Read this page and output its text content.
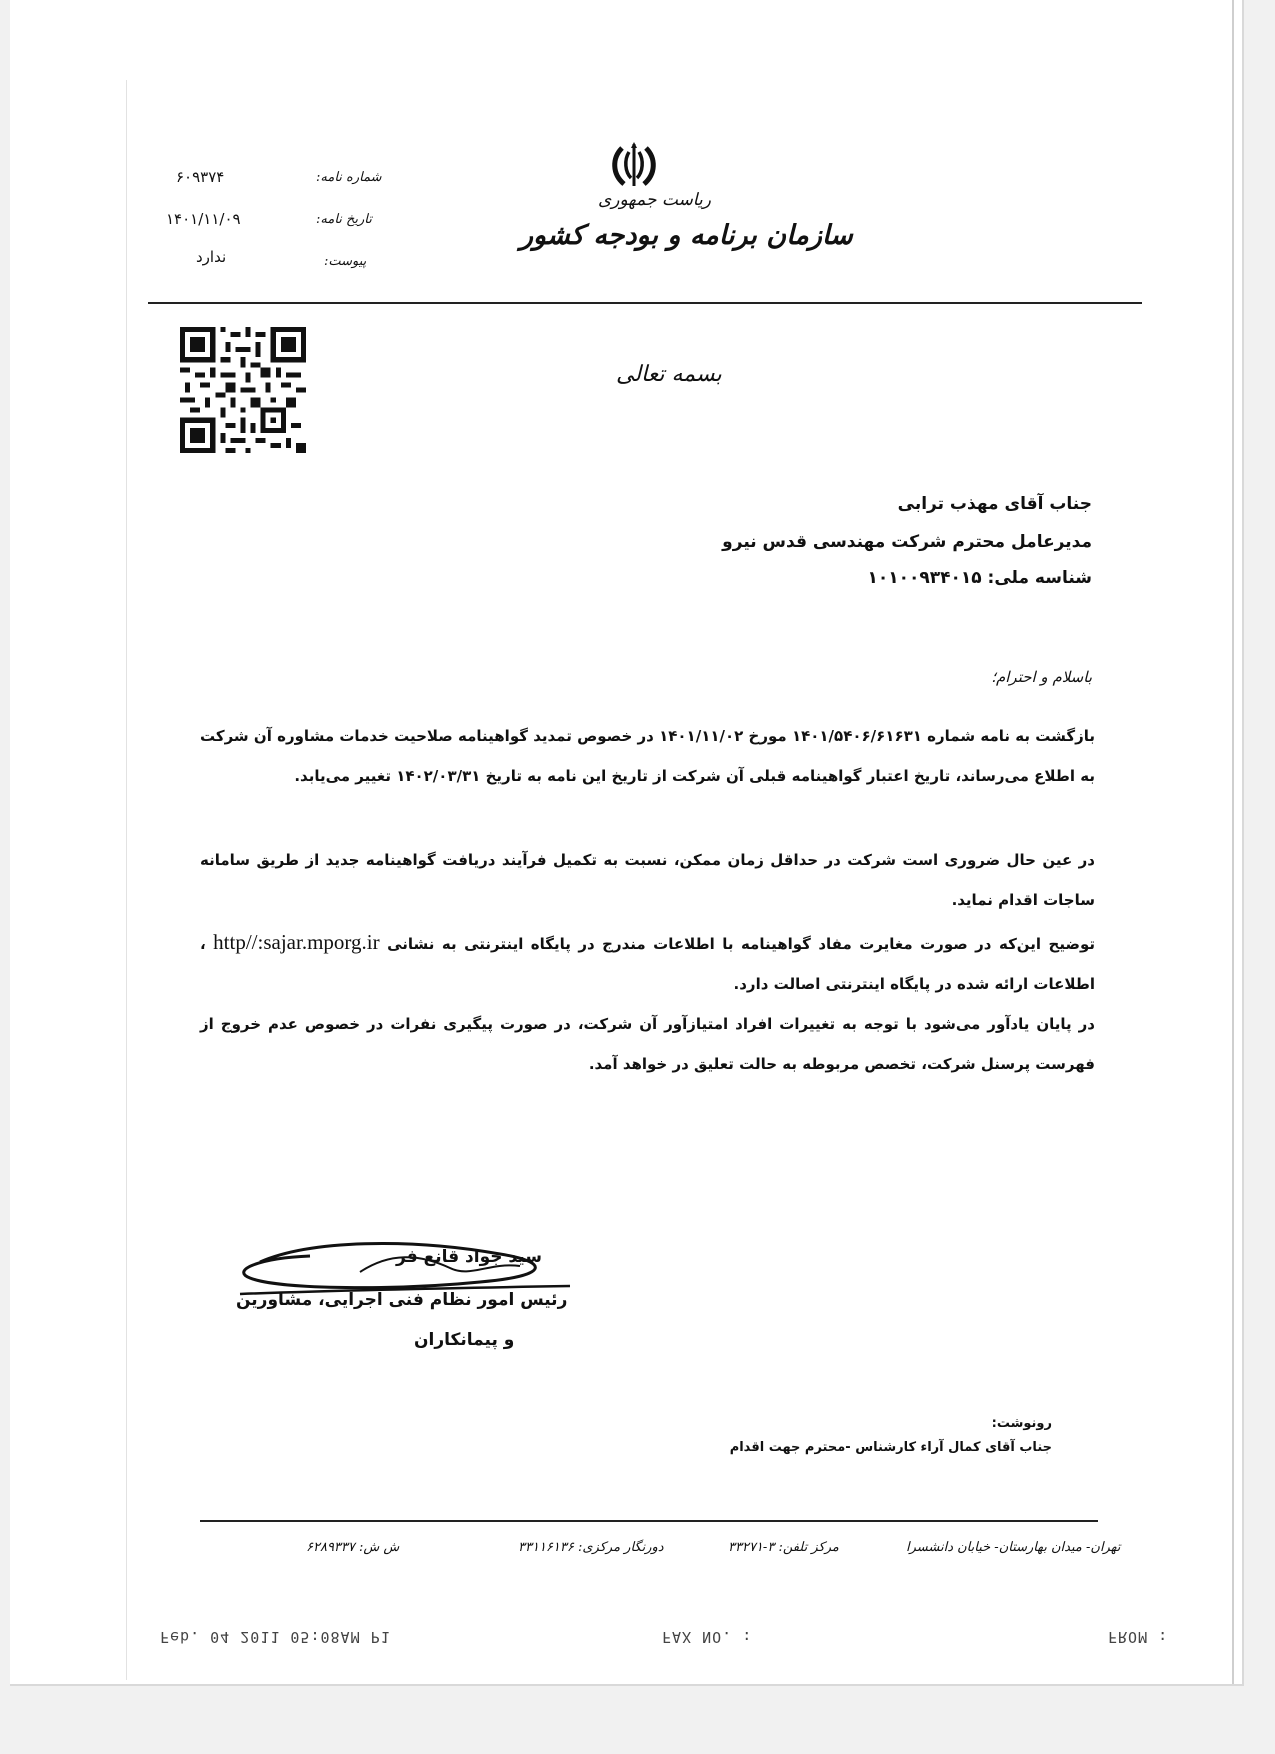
ریاست جمهوری
سازمان برنامه و بودجه کشور
شماره نامه:
۶۰۹۳۷۴
تاریخ نامه:
۱۴۰۱/۱۱/۰۹
پیوست:
ندارد
بسمه تعالی
جناب آقای مهذب ترابی
مدیرعامل محترم شرکت مهندسی قدس نیرو
شناسه ملی: ۱۰۱۰۰۹۳۴۰۱۵
باسلام و احترام؛
بازگشت به نامه شماره ۱۴۰۱/۵۴۰۶/۶۱۶۳۱ مورخ ۱۴۰۱/۱۱/۰۲ در خصوص تمدید گواهینامه صلاحیت خدمات مشاوره آن شرکت به اطلاع می‌رساند، تاریخ اعتبار گواهینامه قبلی آن شرکت از تاریخ این نامه به تاریخ ۱۴۰۲/۰۳/۳۱ تغییر می‌یابد.
در عین حال ضروری است شرکت در حداقل زمان ممکن، نسبت به تکمیل فرآیند دریافت گواهینامه جدید از طریق سامانه ساجات اقدام نماید.
توضیح این‌که در صورت مغایرت مفاد گواهینامه با اطلاعات مندرج در پایگاه اینترنتی به نشانی http//:sajar.mporg.ir ، اطلاعات ارائه شده در پایگاه اینترنتی اصالت دارد.
در پایان یادآور می‌شود با توجه به تغییرات افراد امتیازآور آن شرکت، در صورت پیگیری نفرات در خصوص عدم خروج از فهرست پرسنل شرکت، تخصص مربوطه به حالت تعلیق در خواهد آمد.
سید جواد قانع فر
رئیس امور نظام فنی اجرایی، مشاورین
و پیمانکاران
رونوشت:
جناب آقای کمال آراء کارشناس -محترم جهت اقدام
تهران- میدان بهارستان- خیابان دانشسرا
مرکز تلفن: ۳-۳۳۲۷۱
دورنگار مرکزی: ۳۳۱۱۶۱۳۶
ش ش: ۶۲۸۹۳۳۷
FROM :
FAX NO. :
Feb. 04 2011 05:08AM P1
